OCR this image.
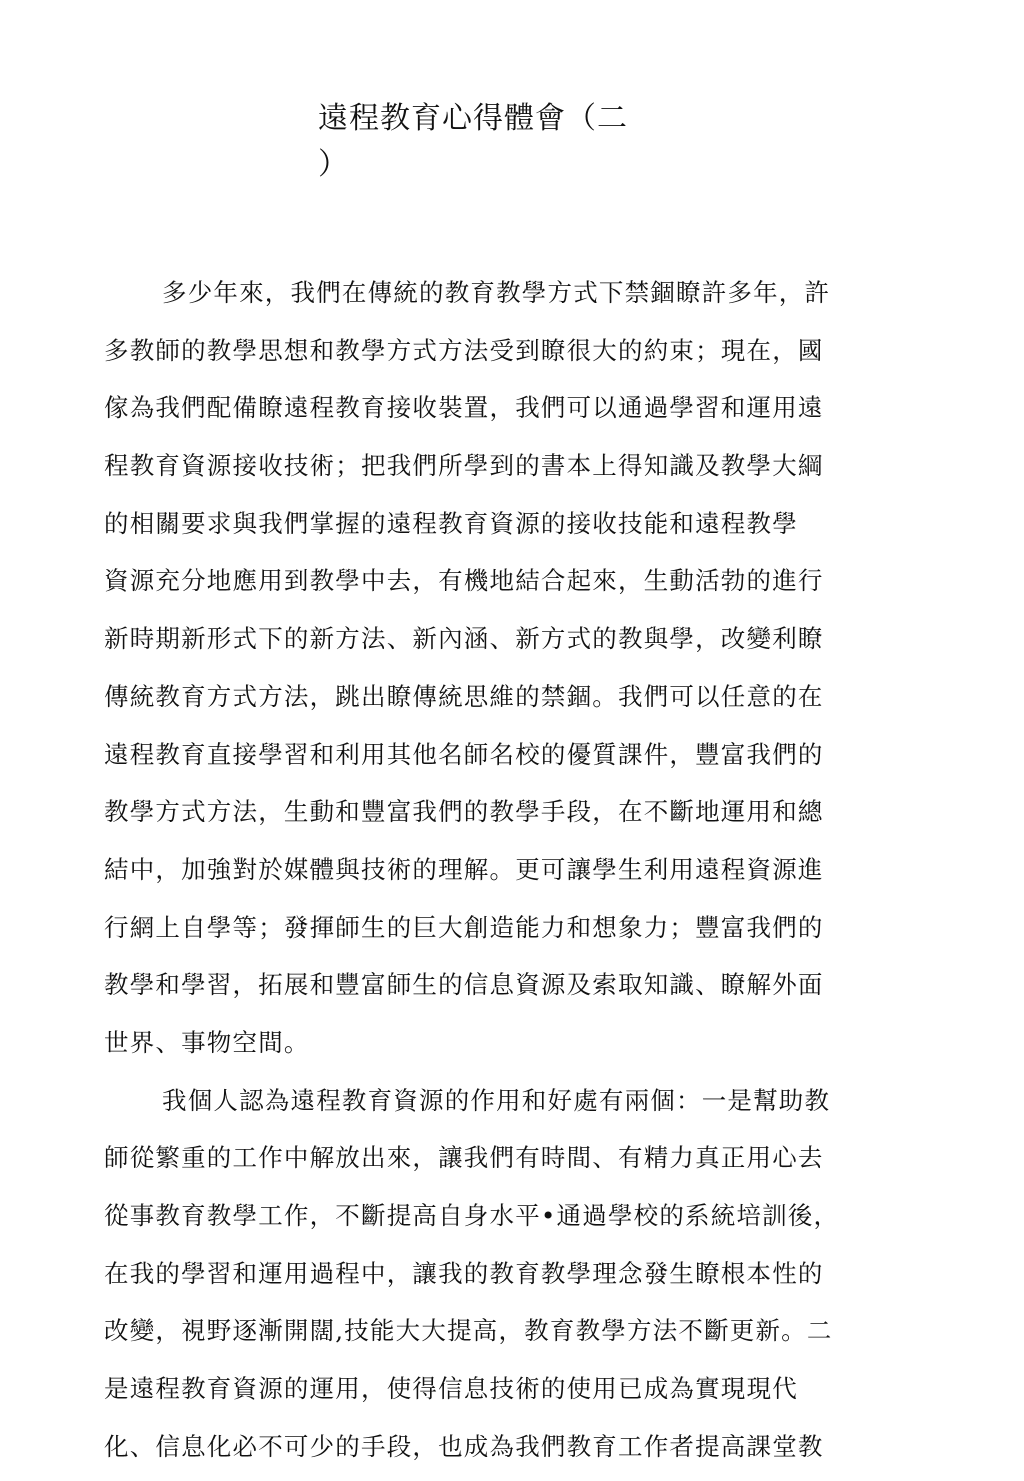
遠程教育心得體會（二
）
多少年來，我們在傳統的教育教學方式下禁錮瞭許多年，許
多教師的教學思想和教學方式方法受到瞭很大的約束；現在，國
傢為我們配備瞭遠程教育接收裝置，我們可以通過學習和運用遠
程教育資源接收技術；把我們所學到的書本上得知識及教學大綱
的相關要求與我們掌握的遠程教育資源的接收技能和遠程教學
資源充分地應用到教學中去，有機地結合起來，生動活勃的進行
新時期新形式下的新方法、新內涵、新方式的教與學，改變利瞭
傳統教育方式方法，跳出瞭傳統思維的禁錮。我們可以任意的在
遠程教育直接學習和利用其他名師名校的優質課件，豐富我們的
教學方式方法，生動和豐富我們的教學手段，在不斷地運用和總
結中，加強對於媒體與技術的理解。更可讓學生利用遠程資源進
行網上自學等；發揮師生的巨大創造能力和想象力；豐富我們的
教學和學習，拓展和豐富師生的信息資源及索取知識、瞭解外面
世界、事物空間。
我個人認為遠程教育資源的作用和好處有兩個：一是幫助教
師從繁重的工作中解放出來，讓我們有時間、有精力真正用心去
從事教育教學工作，不斷提高自身水平•通過學校的系統培訓後，
在我的學習和運用過程中，讓我的教育教學理念發生瞭根本性的
改變，視野逐漸開闊,技能大大提高，教育教學方法不斷更新。二
是遠程教育資源的運用，使得信息技術的使用已成為實現現代
化、信息化必不可少的手段，也成為我們教育工作者提高課堂教
